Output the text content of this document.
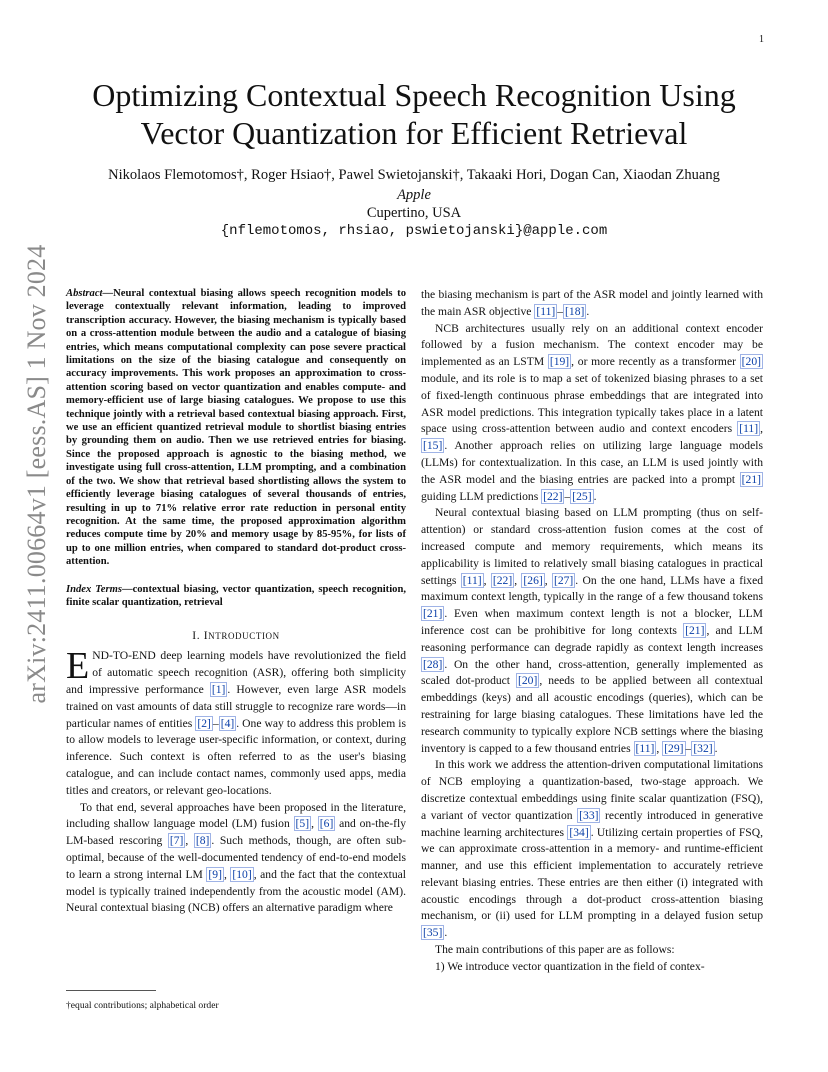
1
arXiv:2411.00664v1 [eess.AS] 1 Nov 2024
Optimizing Contextual Speech Recognition Using
Vector Quantization for Efficient Retrieval
Nikolaos Flemotomos†, Roger Hsiao†, Pawel Swietojanski†, Takaaki Hori, Dogan Can, Xiaodan Zhuang
Apple
Cupertino, USA
{nflemotomos, rhsiao, pswietojanski}@apple.com

Abstract—Neural contextual biasing allows speech recognition models to leverage contextually relevant information, leading to improved transcription accuracy. However, the biasing mechanism is typically based on a cross-attention module between the audio and a catalogue of biasing entries, which means computational complexity can pose severe practical limitations on the size of the biasing catalogue and consequently on accuracy improvements. This work proposes an approximation to cross-attention scoring based on vector quantization and enables compute- and memory-efficient use of large biasing catalogues. We propose to use this technique jointly with a retrieval based contextual biasing approach. First, we use an efficient quantized retrieval module to shortlist biasing entries by grounding them on audio. Then we use retrieved entries for biasing. Since the proposed approach is agnostic to the biasing method, we investigate using full cross-attention, LLM prompting, and a combination of the two. We show that retrieval based shortlisting allows the system to efficiently leverage biasing catalogues of several thousands of entries, resulting in up to 71% relative error rate reduction in personal entity recognition. At the same time, the proposed approximation algorithm reduces compute time by 20% and memory usage by 85-95%, for lists of up to one million entries, when compared to standard dot-product cross-attention.

Index Terms—contextual biasing, vector quantization, speech recognition, finite scalar quantization, retrieval
I. INTRODUCTION

END-TO-END deep learning models have revolutionized the field of automatic speech recognition (ASR), offering both simplicity and impressive performance [1] . However, even large ASR models trained on vast amounts of data still struggle to recognize rare words—in particular names of entities [2] – [4] . One way to address this problem is to allow models to leverage user-specific information, or context, during inference. Such context is often referred to as the user's biasing catalogue, and can include contact names, commonly used apps, media titles and creators, or relevant geo-locations.

To that end, several approaches have been proposed in the literature, including shallow language model (LM) fusion [5] , [6] and on-the-fly LM-based rescoring [7] , [8] . Such methods, though, are often sub-optimal, because of the well-documented tendency of end-to-end models to learn a strong internal LM [9] , [10] , and the fact that the contextual model is typically trained independently from the acoustic model (AM). Neural contextual biasing (NCB) offers an alternative paradigm where

†equal contributions; alphabetical order

the biasing mechanism is part of the ASR model and jointly learned with the main ASR objective [11] – [18] .

NCB architectures usually rely on an additional context encoder followed by a fusion mechanism. The context encoder may be implemented as an LSTM [19] , or more recently as a transformer [20] module, and its role is to map a set of tokenized biasing phrases to a set of fixed-length continuous phrase embeddings that are integrated into ASR model predictions. This integration typically takes place in a latent space using cross-attention between audio and context encoders [11] , [15] . Another approach relies on utilizing large language models (LLMs) for contextualization. In this case, an LLM is used jointly with the ASR model and the biasing entries are packed into a prompt [21] guiding LLM predictions [22] – [25] .

Neural contextual biasing based on LLM prompting (thus on self-attention) or standard cross-attention fusion comes at the cost of increased compute and memory requirements, which means its applicability is limited to relatively small biasing catalogues in practical settings [11] , [22] , [26] , [27] . On the one hand, LLMs have a fixed maximum context length, typically in the range of a few thousand tokens [21] . Even when maximum context length is not a blocker, LLM inference cost can be prohibitive for long contexts [21] , and LLM reasoning performance can degrade rapidly as context length increases [28] . On the other hand, cross-attention, generally implemented as scaled dot-product [20] , needs to be applied between all contextual embeddings (keys) and all acoustic encodings (queries), which can be restraining for large biasing catalogues. These limitations have led the research community to typically explore NCB settings where the biasing inventory is capped to a few thousand entries [11] , [29] – [32] .

In this work we address the attention-driven computational limitations of NCB employing a quantization-based, two-stage approach. We discretize contextual embeddings using finite scalar quantization (FSQ), a variant of vector quantization [33] recently introduced in generative machine learning architectures [34] . Utilizing certain properties of FSQ, we can approximate cross-attention in a memory- and runtime-efficient manner, and use this efficient implementation to accurately retrieve relevant biasing entries. These entries are then either (i) integrated with acoustic encodings through a dot-product cross-attention biasing mechanism, or (ii) used for LLM prompting in a delayed fusion setup [35] .

The main contributions of this paper are as follows:

1) We introduce vector quantization in the field of contex-
